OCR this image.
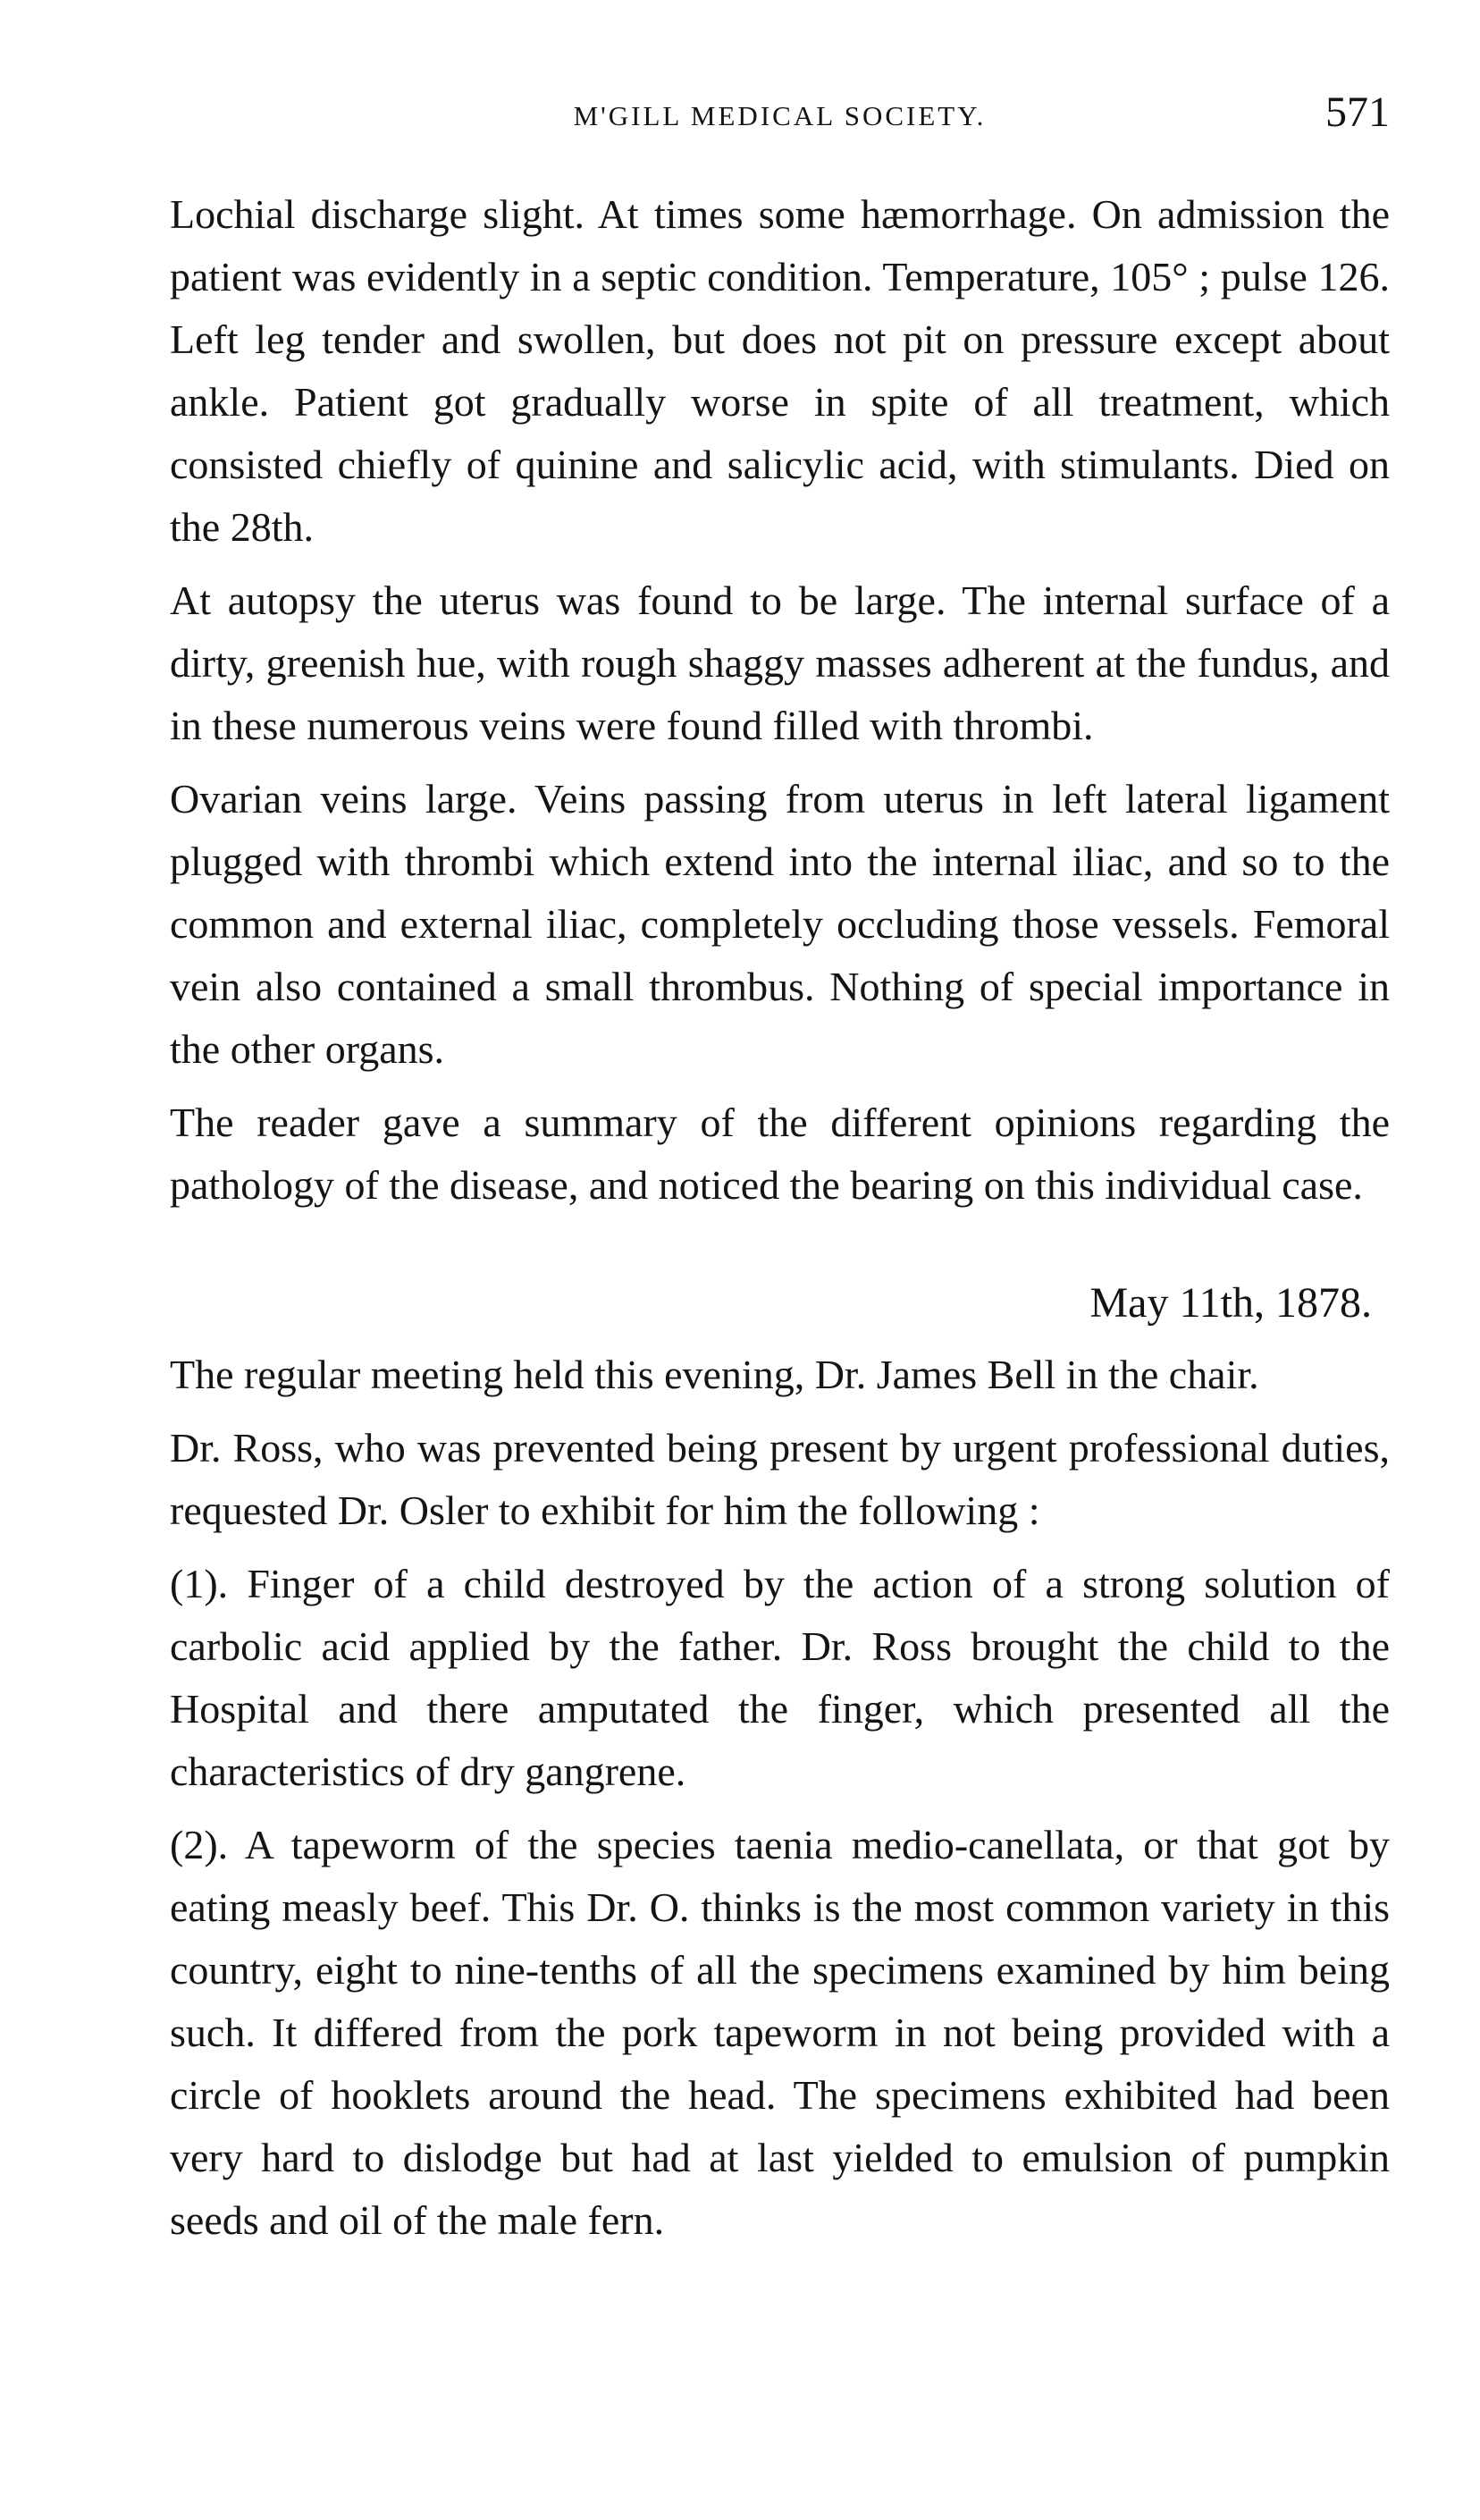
M'GILL MEDICAL SOCIETY.	571

Lochial discharge slight. At times some hæmorrhage. On admission the patient was evidently in a septic condition. Temperature, 105° ; pulse 126. Left leg tender and swollen, but does not pit on pressure except about ankle. Patient got gradually worse in spite of all treatment, which consisted chiefly of quinine and salicylic acid, with stimulants. Died on the 28th.

At autopsy the uterus was found to be large. The internal surface of a dirty, greenish hue, with rough shaggy masses adherent at the fundus, and in these numerous veins were found filled with thrombi.

Ovarian veins large. Veins passing from uterus in left lateral ligament plugged with thrombi which extend into the internal iliac, and so to the common and external iliac, completely occluding those vessels. Femoral vein also contained a small thrombus. Nothing of special importance in the other organs.

The reader gave a summary of the different opinions regarding the pathology of the disease, and noticed the bearing on this individual case.

May 11th, 1878.

The regular meeting held this evening, Dr. James Bell in the chair.

Dr. Ross, who was prevented being present by urgent professional duties, requested Dr. Osler to exhibit for him the following :

(1). Finger of a child destroyed by the action of a strong solution of carbolic acid applied by the father. Dr. Ross brought the child to the Hospital and there amputated the finger, which presented all the characteristics of dry gangrene.

(2). A tapeworm of the species taenia medio-canellata, or that got by eating measly beef. This Dr. O. thinks is the most common variety in this country, eight to nine-tenths of all the specimens examined by him being such. It differed from the pork tapeworm in not being provided with a circle of hooklets around the head. The specimens exhibited had been very hard to dislodge but had at last yielded to emulsion of pumpkin seeds and oil of the male fern.
